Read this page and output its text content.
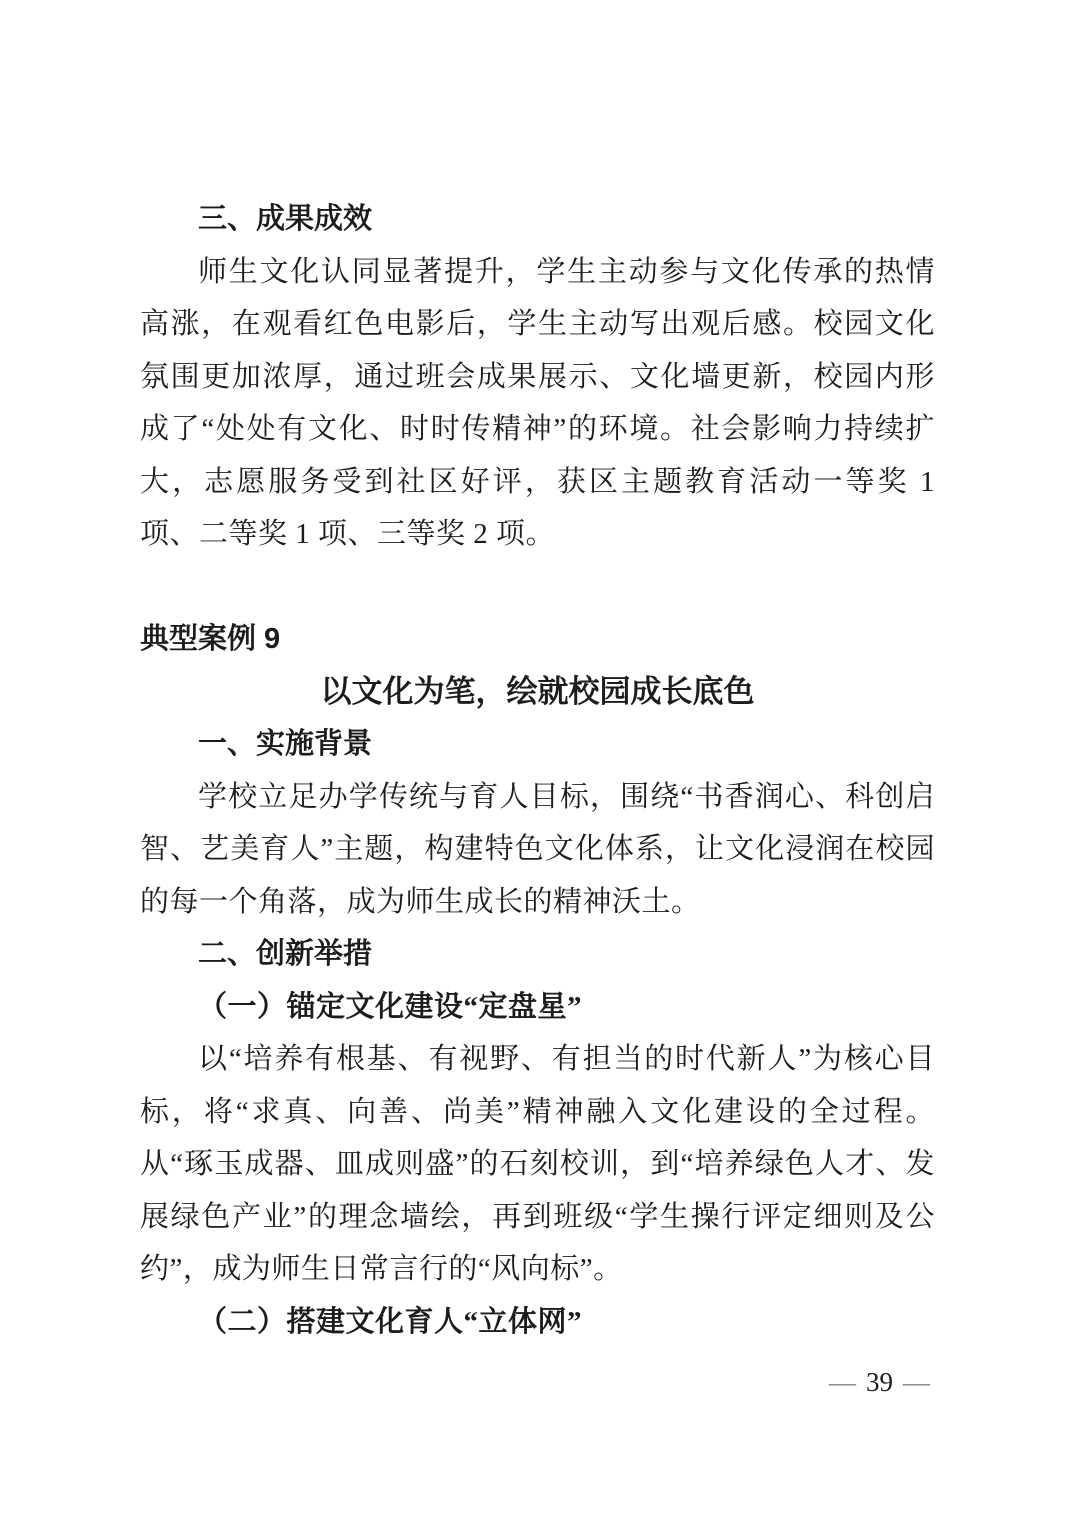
三、成果成效

师生文化认同显著提升，学生主动参与文化传承的热情高涨，在观看红色电影后，学生主动写出观后感。校园文化氛围更加浓厚，通过班会成果展示、文化墙更新，校园内形成了“处处有文化、时时传精神”的环境。社会影响力持续扩大，志愿服务受到社区好评，获区主题教育活动一等奖 1 项、二等奖 1 项、三等奖 2 项。

典型案例 9
以文化为笔，绘就校园成长底色
一、实施背景

学校立足办学传统与育人目标，围绕“书香润心、科创启智、艺美育人”主题，构建特色文化体系，让文化浸润在校园的每一个角落，成为师生成长的精神沃土。

二、创新举措
（一）锚定文化建设“定盘星”

以“培养有根基、有视野、有担当的时代新人”为核心目标，将“求真、向善、尚美”精神融入文化建设的全过程。从“琢玉成器、皿成则盛”的石刻校训，到“培养绿色人才、发展绿色产业”的理念墙绘，再到班级“学生操行评定细则及公约”，成为师生日常言行的“风向标”。

（二）搭建文化育人“立体网”
— 39 —
